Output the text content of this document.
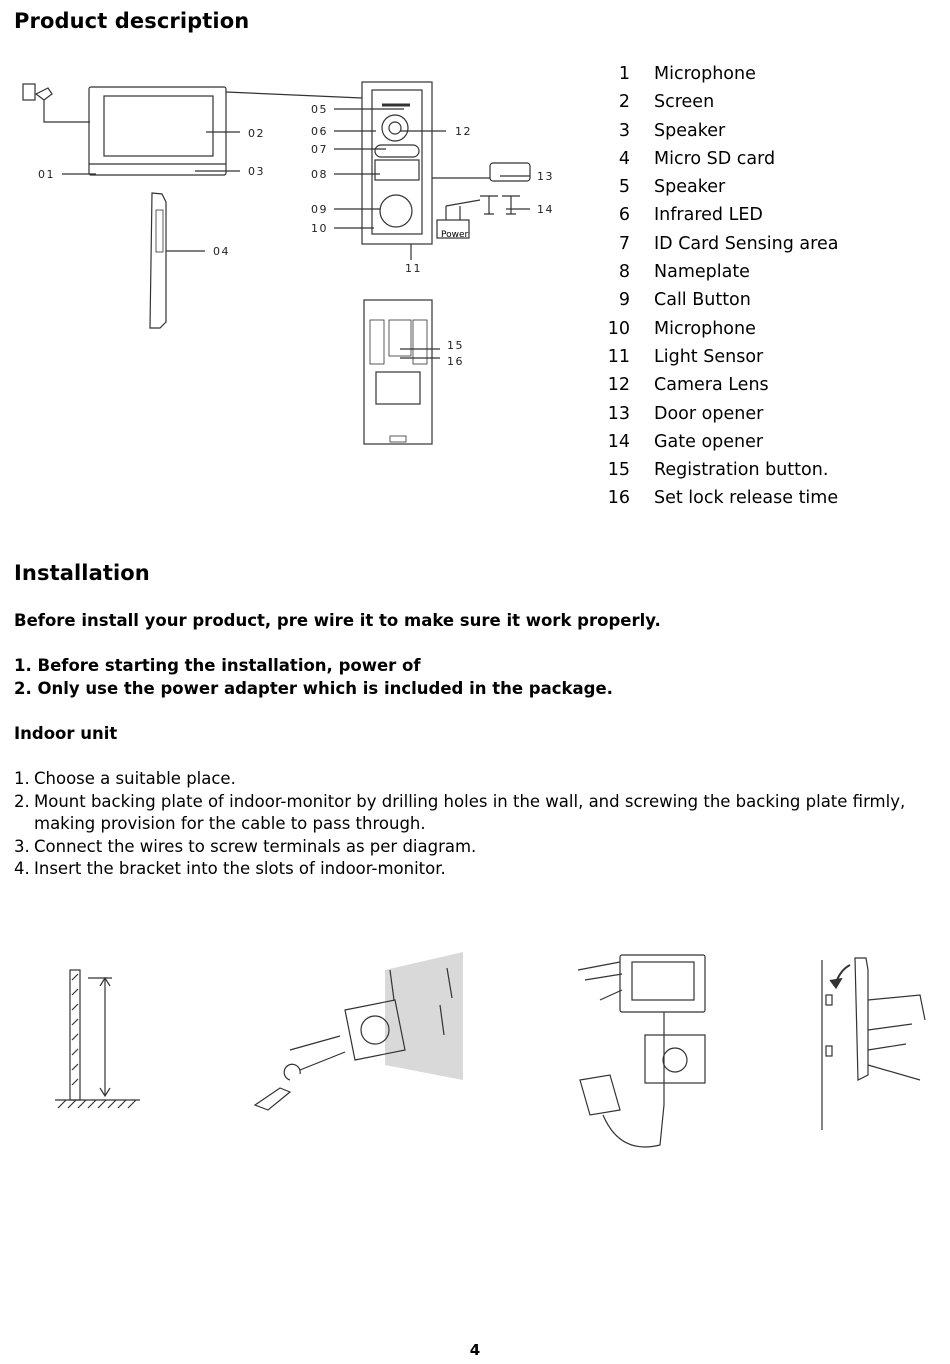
Product description
01
02
03
04
05
06
07
08
09
10
11
12
13
14
15
16
Power
1 Microphone
2 Screen
3 Speaker
4 Micro SD card
5 Speaker
6 Infrared LED
7 ID Card Sensing area
8 Nameplate
9 Call Button
10 Microphone
11 Light Sensor
12 Camera Lens
13 Door opener
14 Gate opener
15 Registration button.
16 Set lock release time
Installation

Before install your product, pre wire it to make sure it work properly.

1. Before starting the installation, power of

2. Only use the power adapter which is included in the package.

Indoor unit

1. Choose a suitable place.
2. Mount backing plate of indoor-monitor by drilling holes in the wall, and screwing the backing plate firmly, making provision for the cable to pass through.
3. Connect the wires to screw terminals as per diagram.
4. Insert the bracket into the slots of indoor-monitor.
4
